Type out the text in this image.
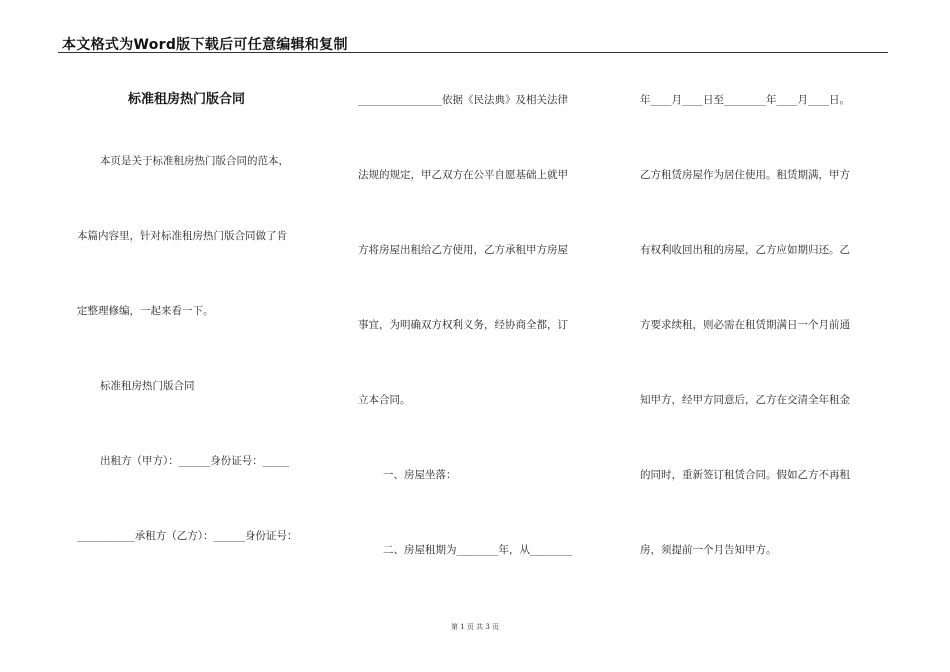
本文格式为Word版下载后可任意编辑和复制
标准租房热门版合同
本页是关于标准租房热门版合同的范本，
本篇内容里，针对标准租房热门版合同做了肯
定整理修编，一起来看一下。
标准租房热门版合同
出租方（甲方）：______身份证号：_____
___________承租方（乙方）：______身份证号：
________________依据《民法典》及相关法律
法规的规定，甲乙双方在公平自愿基础上就甲
方将房屋出租给乙方使用，乙方承租甲方房屋
事宜，为明确双方权利义务，经协商全都，订
立本合同。
一、房屋坐落：
二、房屋租期为________年，从________
年____月____日至________年____月____日。
乙方租赁房屋作为居住使用。租赁期满，甲方
有权利收回出租的房屋，乙方应如期归还。乙
方要求续租，则必需在租赁期满日一个月前通
知甲方，经甲方同意后，乙方在交清全年租金
的同时，重新签订租赁合同。假如乙方不再租
房，须提前一个月告知甲方。
第 1 页 共 3 页
